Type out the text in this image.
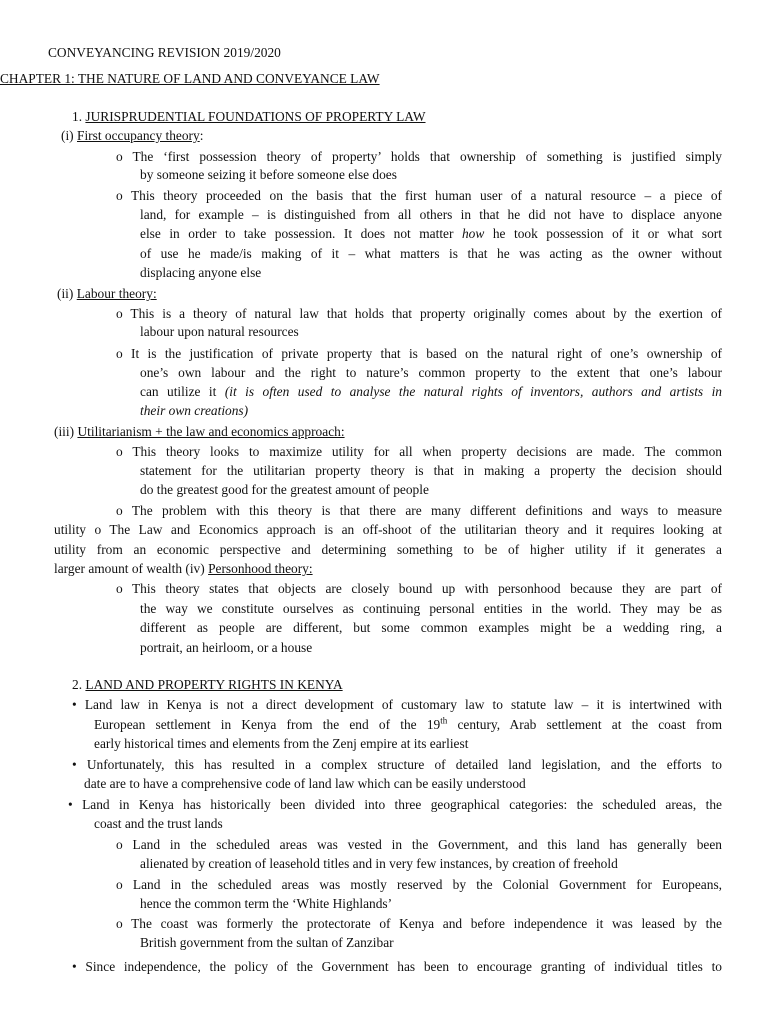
CONVEYANCING REVISION 2019/2020
CHAPTER 1: THE NATURE OF LAND AND CONVEYANCE LAW
1. JURISPRUDENTIAL FOUNDATIONS OF PROPERTY LAW
(i) First occupancy theory:
o The ‘first possession theory of property’ holds that ownership of something is justified simply
by someone seizing it before someone else does
o This theory proceeded on the basis that the first human user of a natural resource – a piece of
land, for example – is distinguished from all others in that he did not have to displace anyone
else in order to take possession. It does not matter how he took possession of it or what sort
of use he made/is making of it – what matters is that he was acting as the owner without
displacing anyone else
(ii) Labour theory:
o This is a theory of natural law that holds that property originally comes about by the exertion of
labour upon natural resources
o It is the justification of private property that is based on the natural right of one’s ownership of
one’s own labour and the right to nature’s common property to the extent that one’s labour
can utilize it (it is often used to analyse the natural rights of inventors, authors and artists in
their own creations)
(iii) Utilitarianism + the law and economics approach:
o This theory looks to maximize utility for all when property decisions are made. The common
statement for the utilitarian property theory is that in making a property the decision should
do the greatest good for the greatest amount of people
o The problem with this theory is that there are many different definitions and ways to measure
utility o The Law and Economics approach is an off-shoot of the utilitarian theory and it requires looking at
utility from an economic perspective and determining something to be of higher utility if it generates a
larger amount of wealth (iv) Personhood theory:
o This theory states that objects are closely bound up with personhood because they are part of
the way we constitute ourselves as continuing personal entities in the world. They may be as
different as people are different, but some common examples might be a wedding ring, a
portrait, an heirloom, or a house
2. LAND AND PROPERTY RIGHTS IN KENYA
• Land law in Kenya is not a direct development of customary law to statute law – it is intertwined with
European settlement in Kenya from the end of the 19th century, Arab settlement at the coast from
early historical times and elements from the Zenj empire at its earliest
• Unfortunately, this has resulted in a complex structure of detailed land legislation, and the efforts to
date are to have a comprehensive code of land law which can be easily understood
• Land in Kenya has historically been divided into three geographical categories: the scheduled areas, the
coast and the trust lands
o Land in the scheduled areas was vested in the Government, and this land has generally been
alienated by creation of leasehold titles and in very few instances, by creation of freehold
o Land in the scheduled areas was mostly reserved by the Colonial Government for Europeans,
hence the common term the ‘White Highlands’
o The coast was formerly the protectorate of Kenya and before independence it was leased by the
British government from the sultan of Zanzibar
• Since independence, the policy of the Government has been to encourage granting of individual titles to
